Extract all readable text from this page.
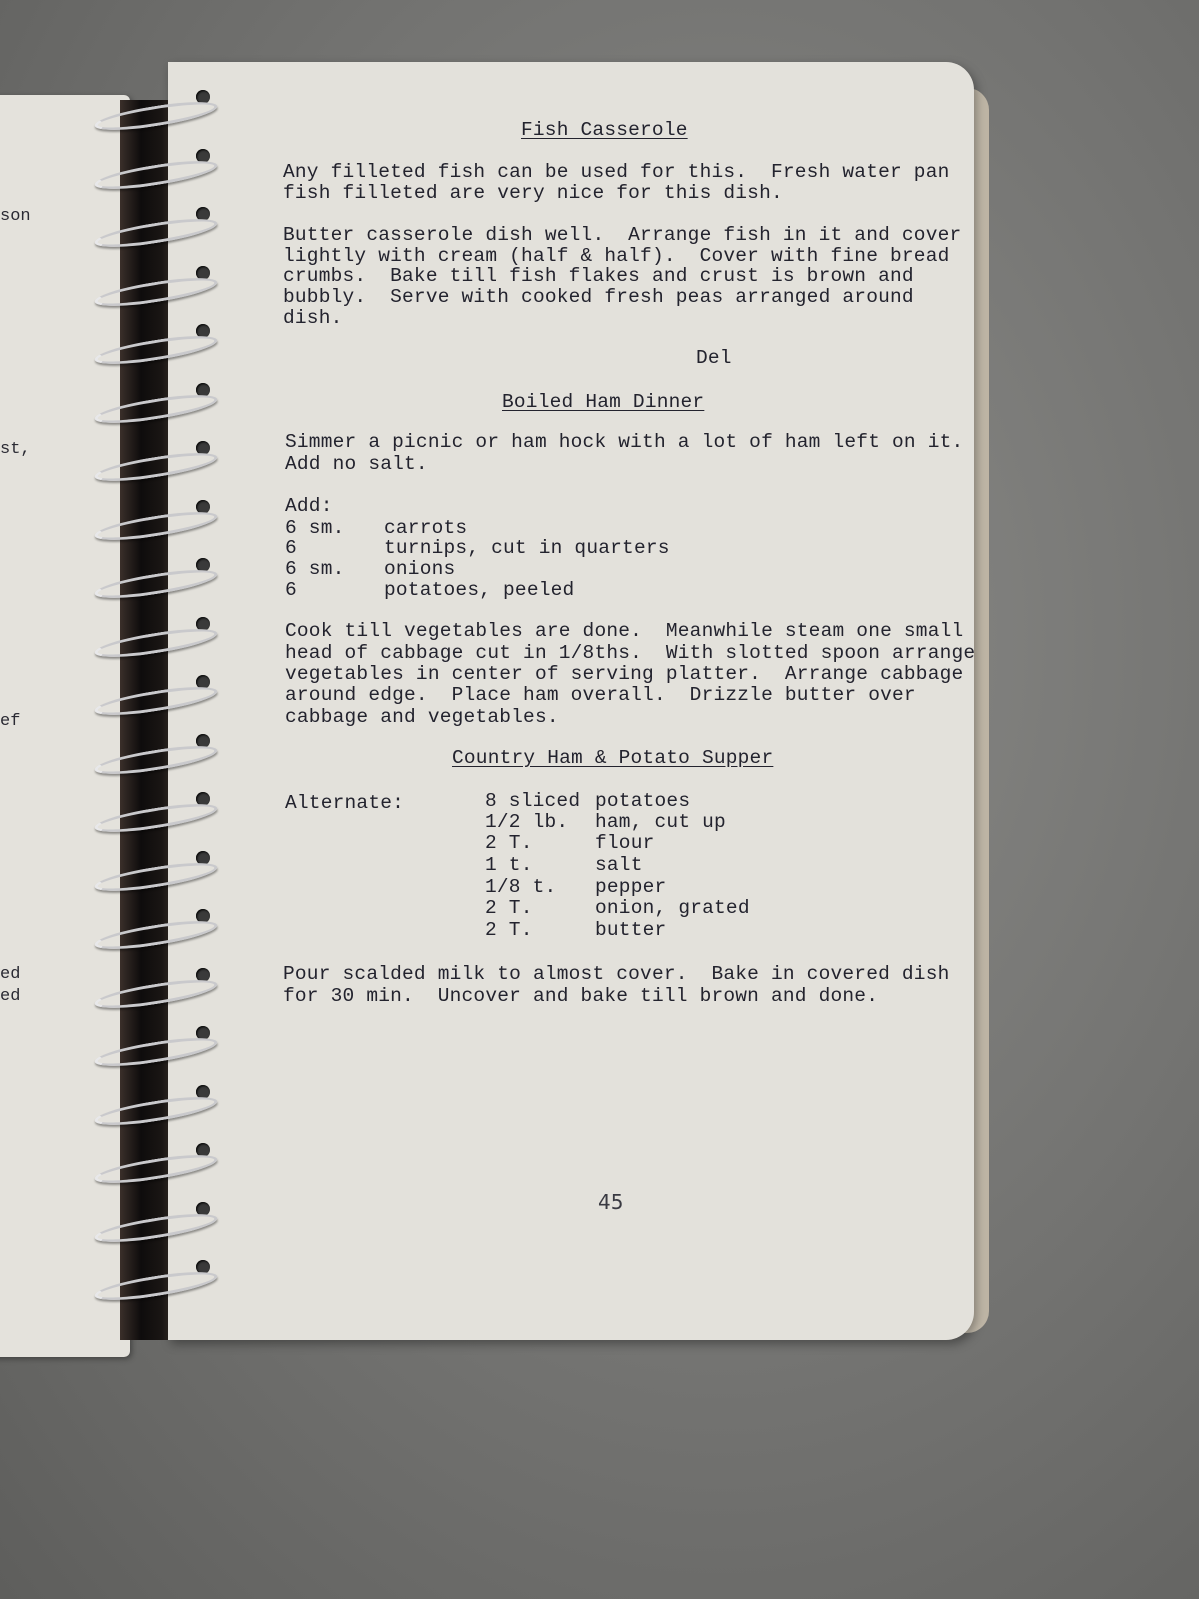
son
st,
ef
ed
ed
Fish Casserole
Any filleted fish can be used for this.  Fresh water pan
fish filleted are very nice for this dish.
Butter casserole dish well.  Arrange fish in it and cover
lightly with cream (half & half).  Cover with fine bread
crumbs.  Bake till fish flakes and crust is brown and
bubbly.  Serve with cooked fresh peas arranged around
dish.
Del
Boiled Ham Dinner
Simmer a picnic or ham hock with a lot of ham left on it.
Add no salt.
Add:
6 sm. carrots
6	turnips, cut in quarters
6 sm. onions
6	potatoes, peeled
Cook till vegetables are done.  Meanwhile steam one small
head of cabbage cut in 1/8ths.  With slotted spoon arrange
vegetables in center of serving platter.  Arrange cabbage
around edge.  Place ham overall.  Drizzle butter over
cabbage and vegetables.
Country Ham & Potato Supper
Alternate:	8 sliced potatoes
1/2 lb. ham, cut up
2 T.	flour
1 t.	salt
1/8 t. pepper
2 T.	onion, grated
2 T.	butter
Pour scalded milk to almost cover.  Bake in covered dish
for 30 min.  Uncover and bake till brown and done.
45
